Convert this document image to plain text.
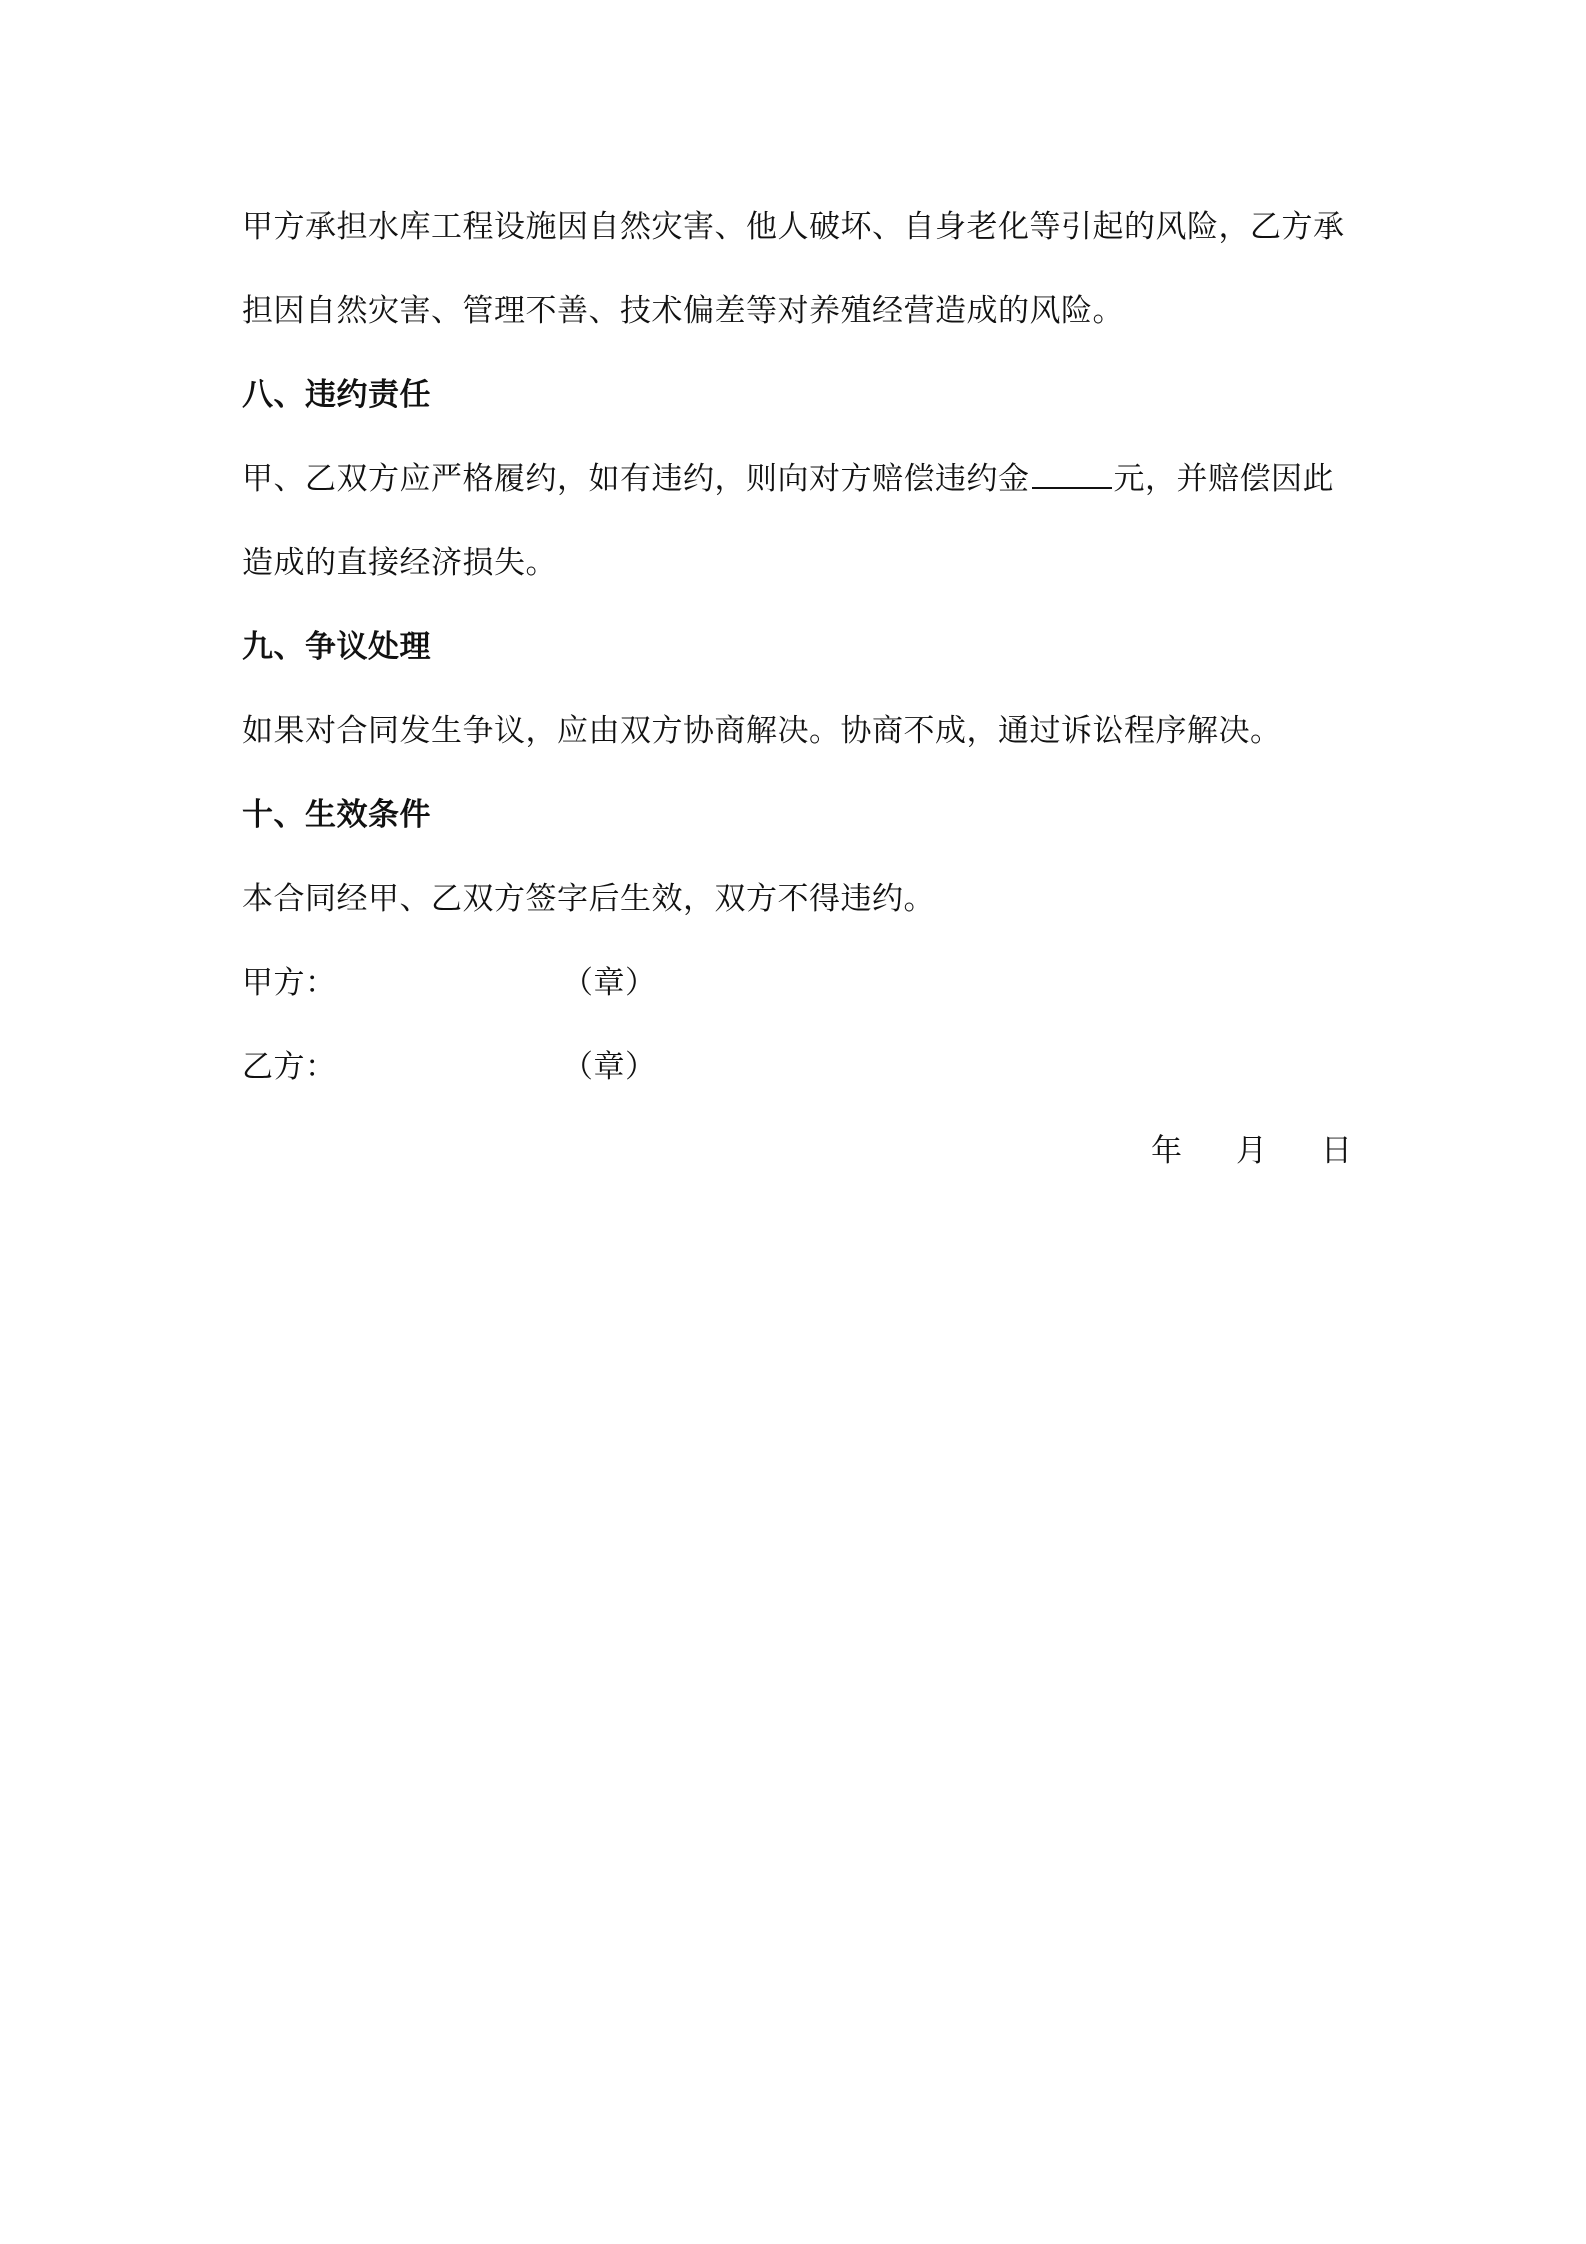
甲方承担水库工程设施因自然灾害、他人破坏、自身老化等引起的风险，乙方承
担因自然灾害、管理不善、技术偏差等对养殖经营造成的风险。
八、违约责任
甲、乙双方应严格履约，如有违约，则向对方赔偿违约金	元，并赔偿因此
造成的直接经济损失。
九、争议处理
如果对合同发生争议，应由双方协商解决。协商不成，通过诉讼程序解决。
十、生效条件
本合同经甲、乙双方签字后生效，双方不得违约。
甲方：	（章）
乙方：	（章）
年 月 日
